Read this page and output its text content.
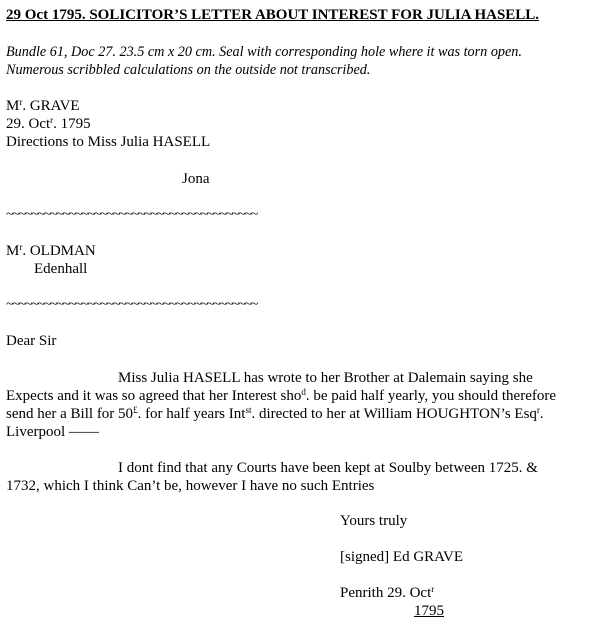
29 Oct 1795. SOLICITOR’S LETTER ABOUT INTEREST FOR JULIA HASELL.
Bundle 61, Doc 27. 23.5 cm x 20 cm. Seal with corresponding hole where it was torn open.
Numerous scribbled calculations on the outside not transcribed.
$M^r$. GRAVE
29. Oct$^r$. 1795
Directions to Miss Julia HASELL
Jona
~~~~~~~~~~~~~~~~~~~~~~~~~~~~~~~~~~~~~~~~
$M^r$. OLDMAN
Edenhall
~~~~~~~~~~~~~~~~~~~~~~~~~~~~~~~~~~~~~~~~
Dear Sir
Miss Julia HASELL has wrote to her Brother at Dalemain saying she
Expects and it was so agreed that her Interest sho$^d$. be paid half yearly, you should therefore
send her a Bill for 50£. for half years Int$^{st}$. directed to her at William HOUGHTON’s Esq$^r$.
Liverpool ——
I dont find that any Courts have been kept at Soulby between 1725. &
1732, which I think Can’t be, however I have no such Entries
Yours truly
[signed] Ed GRAVE
Penrith 29. Oct$^r$
1795
